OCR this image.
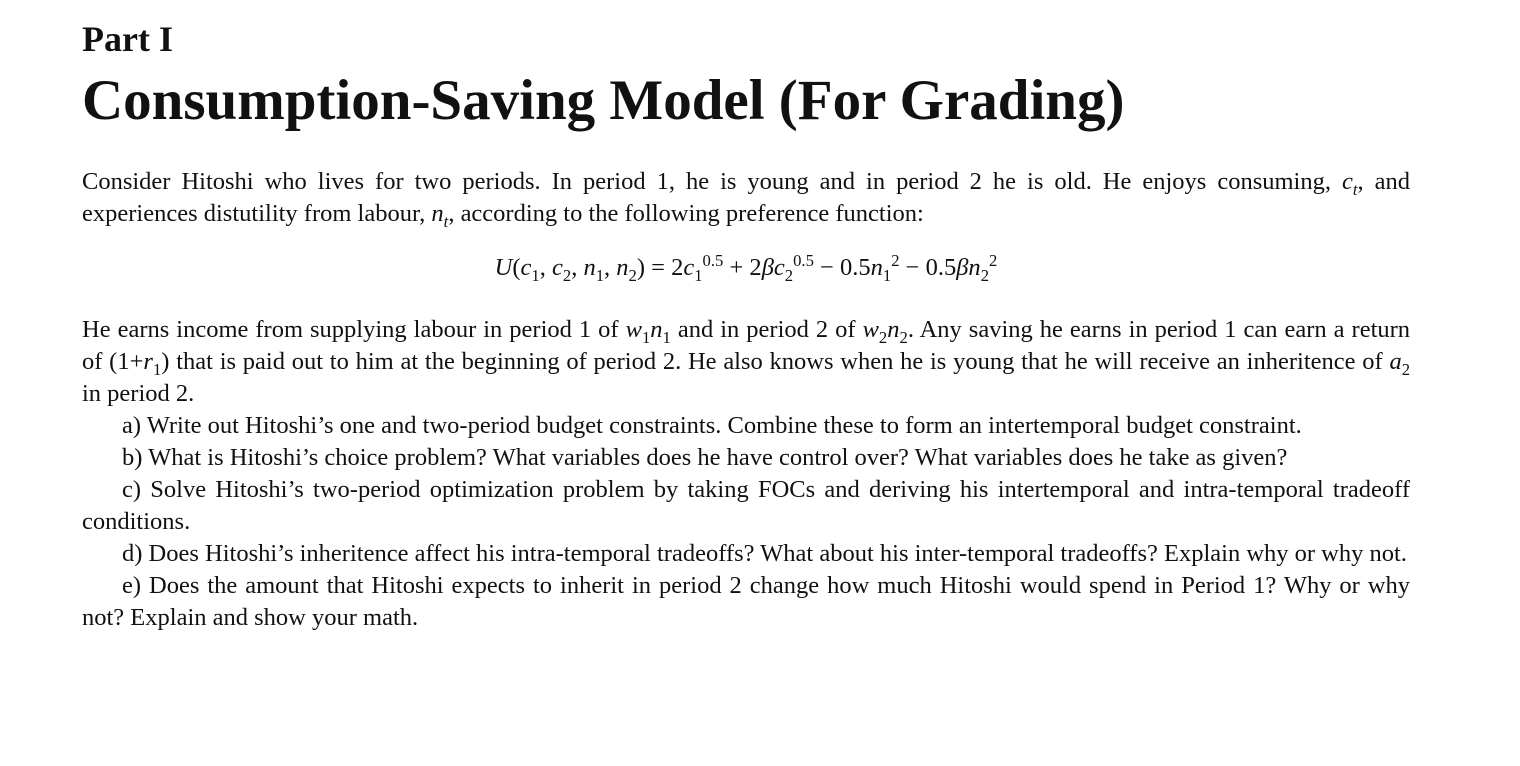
Part I
Consumption-Saving Model (For Grading)

Consider Hitoshi who lives for two periods. In period 1, he is young and in period 2 he is old. He enjoys consuming, $c_t$, and experiences distutility from labour, $n_t$, according to the following preference function:

$U(c_1$, $c_2$, $n_1$, $n_2) = 2c_1^{0.5} + 2\beta c_2^{0.5} - 0.5n_1^2 - 0.5\beta n_2^2$

He earns income from supplying labour in period 1 of $w_1n_1$ and in period 2 of $w_2n_2$. Any saving he earns in period 1 can earn a return of $(1+r_1)$ that is paid out to him at the beginning of period 2. He also knows when he is young that he will receive an inheritence of $a_2$ in period 2.

a) Write out Hitoshi’s one and two-period budget constraints. Combine these to form an intertemporal budget constraint.

b) What is Hitoshi’s choice problem? What variables does he have control over? What variables does he take as given?

c) Solve Hitoshi’s two-period optimization problem by taking FOCs and deriving his intertemporal and intra-temporal tradeoff conditions.

d) Does Hitoshi’s inheritence affect his intra-temporal tradeoffs? What about his inter-temporal tradeoffs? Explain why or why not.

e) Does the amount that Hitoshi expects to inherit in period 2 change how much Hitoshi would spend in Period 1? Why or why not? Explain and show your math.
